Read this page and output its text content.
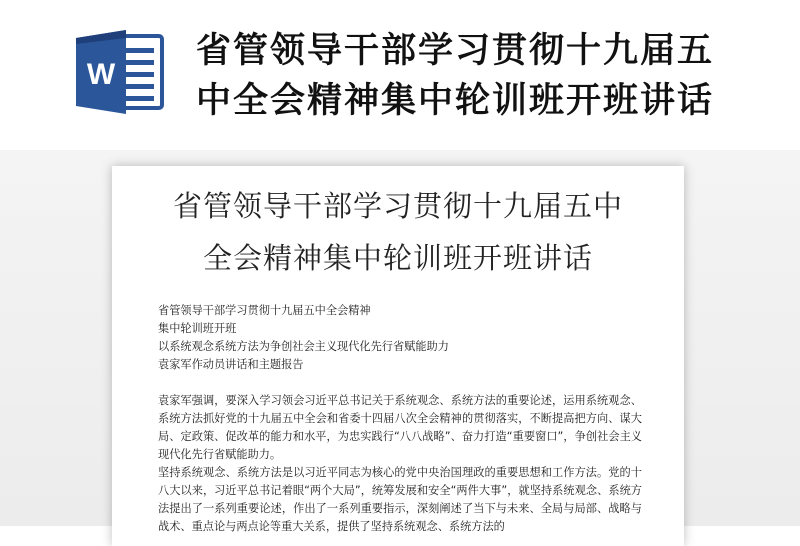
W
省管领导干部学习贯彻十九届五
中全会精神集中轮训班开班讲话
省管领导干部学习贯彻十九届五中
全会精神集中轮训班开班讲话
省管领导干部学习贯彻十九届五中全会精神
集中轮训班开班
以系统观念系统方法为争创社会主义现代化先行省赋能助力
袁家军作动员讲话和主题报告

袁家军强调，要深入学习领会习近平总书记关于系统观念、系统方法的重要论述，运用系统观念、系统方法抓好党的十九届五中全会和省委十四届八次全会精神的贯彻落实，不断提高把方向、谋大局、定政策、促改革的能力和水平，为忠实践行“八八战略”、奋力打造“重要窗口”，争创社会主义现代化先行省赋能助力。

坚持系统观念、系统方法是以习近平同志为核心的党中央治国理政的重要思想和工作方法。党的十八大以来，习近平总书记着眼“两个大局”，统筹发展和安全“两件大事”，就坚持系统观念、系统方法提出了一系列重要论述，作出了一系列重要指示，深刻阐述了当下与未来、全局与局部、战略与战术、重点论与两点论等重大关系，提供了坚持系统观念、系统方法的
